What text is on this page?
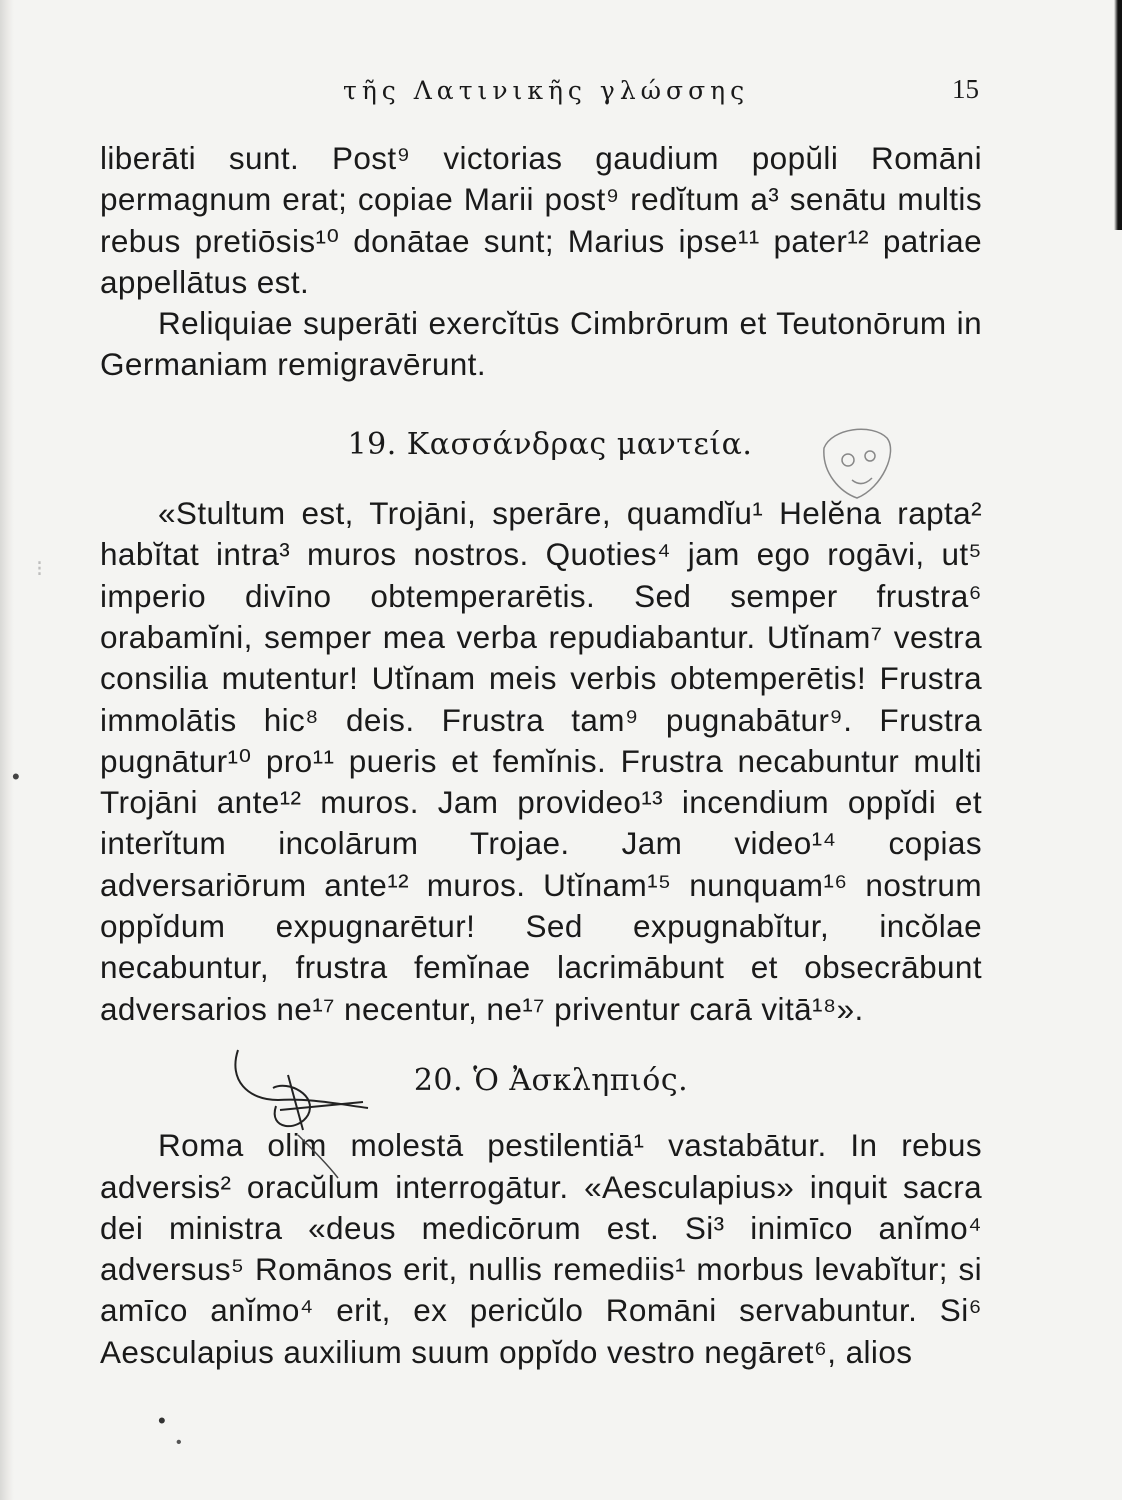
τῆς Λατινικῆς γλώσσης	15

liberāti sunt. Post⁹ victorias gaudium popŭli Romāni permagnum erat; copiae Marii post⁹ redĭtum a³ senātu multis rebus pretiōsis¹⁰ donātae sunt; Marius ipse¹¹ pater¹² patriae appellātus est.

Reliquiae superāti exercĭtūs Cimbrōrum et Teutonōrum in Germaniam remigravērunt.

19. Κασσάνδρας μαντεία.

«Stultum est, Trojāni, sperāre, quamdĭu¹ Helĕna rapta² habĭtat intra³ muros nostros. Quoties⁴ jam ego rogāvi, ut⁵ imperio divīno obtemperarētis. Sed semper frustra⁶ orabamĭni, semper mea verba repudiabantur. Utĭnam⁷ vestra consilia mutentur! Utĭnam meis verbis obtemperētis! Frustra immolātis hic⁸ deis. Frustra tam⁹ pugnabātur⁹. Frustra pugnātur¹⁰ pro¹¹ pueris et femĭnis. Frustra necabuntur multi Trojāni ante¹² muros. Jam provideo¹³ incendium oppĭdi et interĭtum incolārum Trojae. Jam video¹⁴ copias adversariōrum ante¹² muros. Utĭnam¹⁵ nunquam¹⁶ nostrum oppĭdum expugnarētur! Sed expugnabĭtur, incŏlae necabuntur, frustra femĭnae lacrimābunt et obsecrābunt adversarios ne¹⁷ necentur, ne¹⁷ priventur carā vitā¹⁸».

20. Ὁ Ἀσκληπιός.

Roma olim molestā pestilentiā¹ vastabātur. In rebus adversis² oracŭlum interrogātur. «Aesculapius» inquit sacra dei ministra «deus medicōrum est. Si³ inimīco anĭmo⁴ adversus⁵ Romānos erit, nullis remediis¹ morbus levabĭtur; si amīco anĭmo⁴ erit, ex pericŭlo Romāni servabuntur. Si⁶ Aesculapius auxilium suum oppĭdo vestro negāret⁶, alios

⁝
•
•
•
